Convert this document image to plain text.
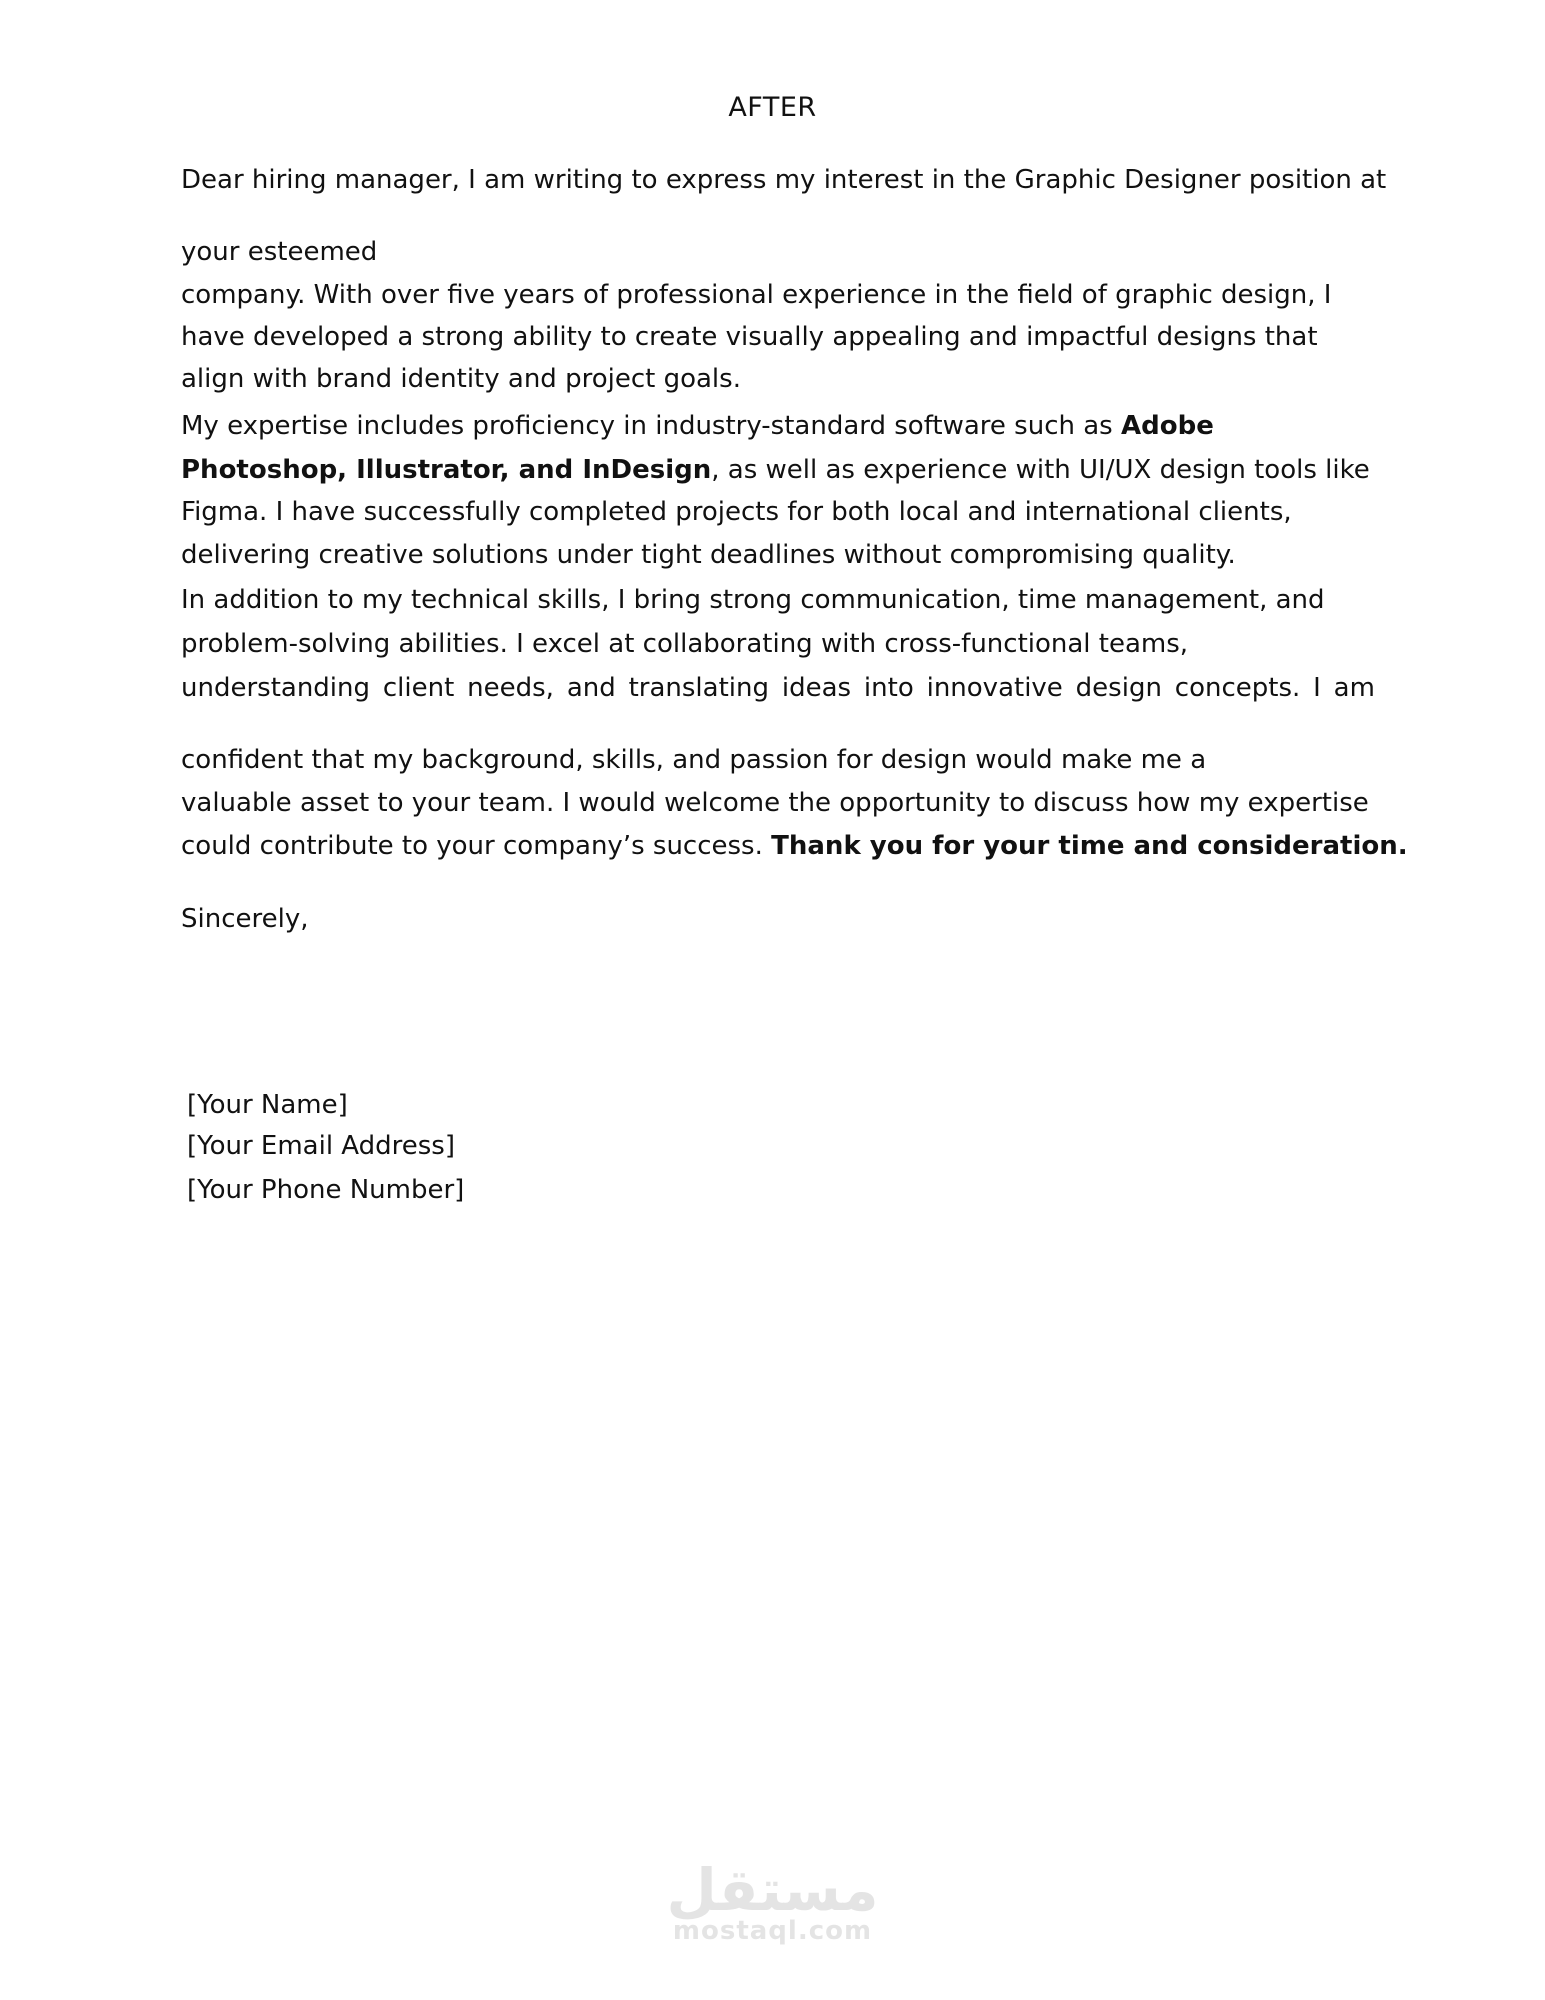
AFTER
Dear hiring manager, I am writing to express my interest in the Graphic Designer position at
your esteemed
company. With over five years of professional experience in the field of graphic design, I
have developed a strong ability to create visually appealing and impactful designs that
align with brand identity and project goals.
My expertise includes proficiency in industry-standard software such as Adobe
Photoshop, Illustrator, and InDesign, as well as experience with UI/UX design tools like
Figma. I have successfully completed projects for both local and international clients,
delivering creative solutions under tight deadlines without compromising quality.
In addition to my technical skills, I bring strong communication, time management, and
problem-solving abilities. I excel at collaborating with cross-functional teams,
understanding client needs, and translating ideas into innovative design concepts. I am
confident that my background, skills, and passion for design would make me a
valuable asset to your team. I would welcome the opportunity to discuss how my expertise
could contribute to your company’s success. Thank you for your time and consideration.
Sincerely,
[Your Name]
[Your Email Address]
[Your Phone Number]
مستقل
mostaql.com
